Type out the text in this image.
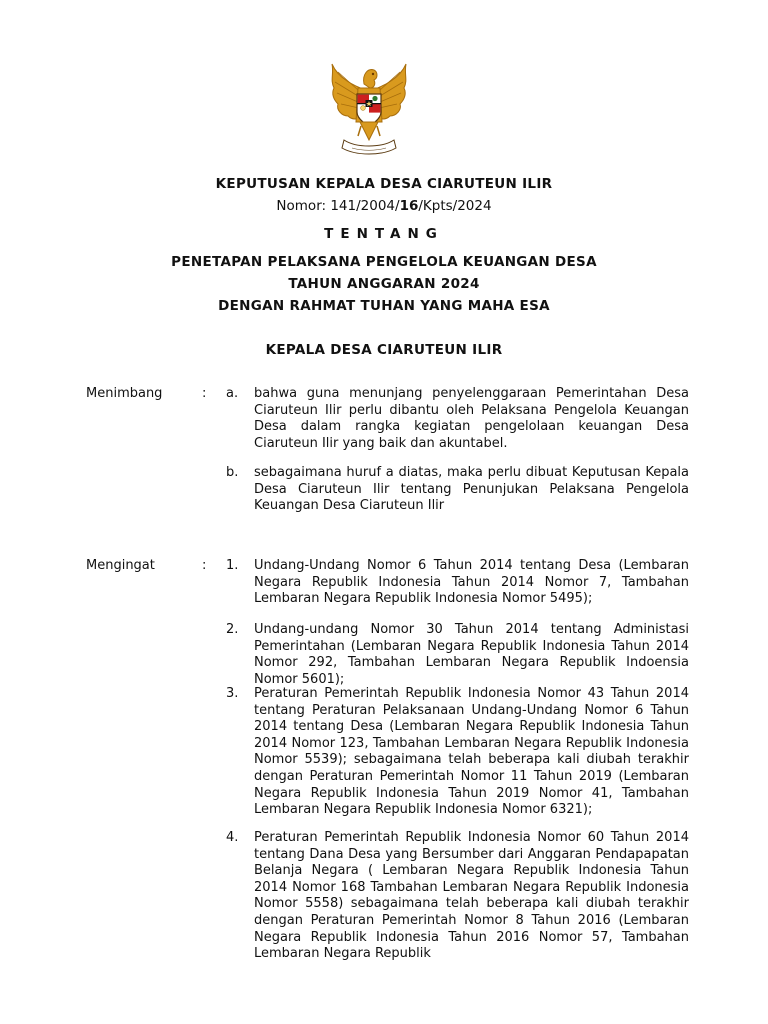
KEPUTUSAN KEPALA DESA CIARUTEUN ILIR
Nomor: 141/2004/16/Kpts/2024
TENTANG
PENETAPAN PELAKSANA PENGELOLA KEUANGAN DESA
TAHUN ANGGARAN 2024
DENGAN RAHMAT TUHAN YANG MAHA ESA
KEPALA DESA CIARUTEUN ILIR
Menimbang	: a. bahwa guna menunjang penyelenggaraan Pemerintahan Desa Ciaruteun Ilir perlu dibantu oleh Pelaksana Pengelola Keuangan Desa dalam rangka kegiatan pengelolaan keuangan Desa Ciaruteun Ilir yang baik dan akuntabel.
b. sebagaimana huruf a diatas, maka perlu dibuat Keputusan Kepala Desa Ciaruteun Ilir tentang Penunjukan Pelaksana Pengelola Keuangan Desa Ciaruteun Ilir
Mengingat	: 1. Undang-Undang Nomor 6 Tahun 2014 tentang Desa (Lembaran Negara Republik Indonesia Tahun 2014 Nomor 7, Tambahan Lembaran Negara Republik Indonesia Nomor 5495);
2. Undang-undang Nomor 30 Tahun 2014 tentang Administasi Pemerintahan (Lembaran Negara Republik Indonesia Tahun 2014 Nomor 292, Tambahan Lembaran Negara Republik Indoensia Nomor 5601);
3. Peraturan Pemerintah Republik Indonesia Nomor 43 Tahun 2014 tentang Peraturan Pelaksanaan Undang-Undang Nomor 6 Tahun 2014 tentang Desa (Lembaran Negara Republik Indonesia Tahun 2014 Nomor 123, Tambahan Lembaran Negara Republik Indonesia Nomor 5539); sebagaimana telah beberapa kali diubah terakhir dengan Peraturan Pemerintah Nomor 11 Tahun 2019 (Lembaran Negara Republik Indonesia Tahun 2019 Nomor 41, Tambahan Lembaran Negara Republik Indonesia Nomor 6321);
4. Peraturan Pemerintah Republik Indonesia Nomor 60 Tahun 2014 tentang Dana Desa yang Bersumber dari Anggaran Pendapapatan Belanja Negara ( Lembaran Negara Republik Indonesia Tahun 2014 Nomor 168 Tambahan Lembaran Negara Republik Indonesia Nomor 5558) sebagaimana telah beberapa kali diubah terakhir dengan Peraturan Pemerintah Nomor 8 Tahun 2016 (Lembaran Negara Republik Indonesia Tahun 2016 Nomor 57, Tambahan Lembaran Negara Republik
